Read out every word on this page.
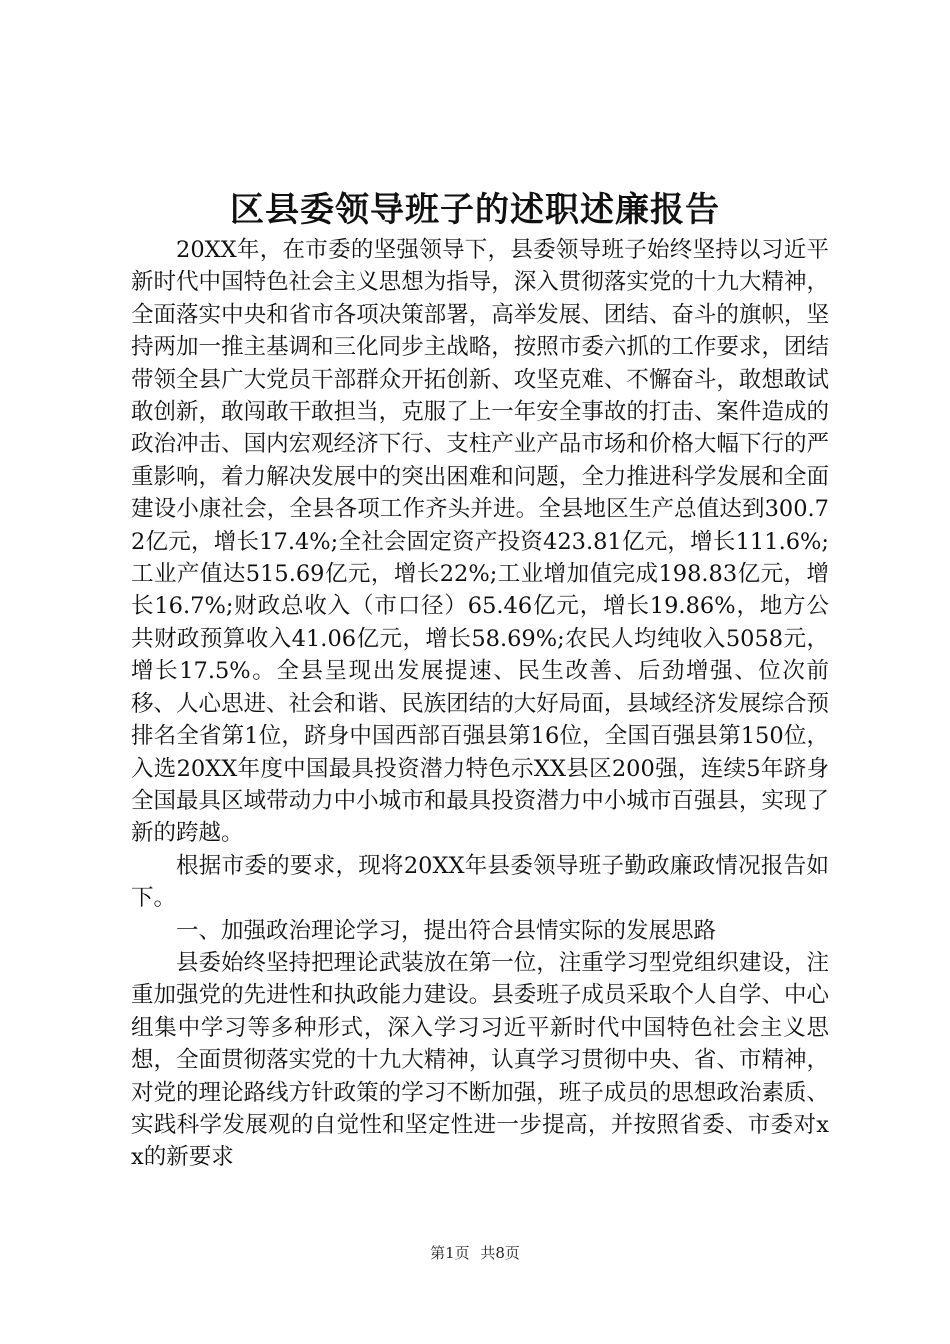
区县委领导班子的述职述廉报告

20XX年，在市委的坚强领导下，县委领导班子始终坚持以习近平新时代中国特色社会主义思想为指导，深入贯彻落实党的十九大精神，全面落实中央和省市各项决策部署，高举发展、团结、奋斗的旗帜，坚持两加一推主基调和三化同步主战略，按照市委六抓的工作要求，团结带领全县广大党员干部群众开拓创新、攻坚克难、不懈奋斗，敢想敢试敢创新，敢闯敢干敢担当，克服了上一年安全事故的打击、案件造成的政治冲击、国内宏观经济下行、支柱产业产品市场和价格大幅下行的严重影响，着力解决发展中的突出困难和问题，全力推进科学发展和全面建设小康社会，全县各项工作齐头并进。全县地区生产总值达到300.72亿元，增长17.4%;全社会固定资产投资423.81亿元，增长111.6%;工业产值达515.69亿元，增长22%;工业增加值完成198.83亿元，增长16.7%;财政总收入（市口径）65.46亿元，增长19.86%，地方公共财政预算收入41.06亿元，增长58.69%;农民人均纯收入5058元，增长17.5%。全县呈现出发展提速、民生改善、后劲增强、位次前移、人心思进、社会和谐、民族团结的大好局面，县域经济发展综合预排名全省第1位，跻身中国西部百强县第16位，全国百强县第150位，入选20XX年度中国最具投资潜力特色示XX县区200强，连续5年跻身全国最具区域带动力中小城市和最具投资潜力中小城市百强县，实现了新的跨越。

根据市委的要求，现将20XX年县委领导班子勤政廉政情况报告如下。

一、加强政治理论学习，提出符合县情实际的发展思路

县委始终坚持把理论武装放在第一位，注重学习型党组织建设，注重加强党的先进性和执政能力建设。县委班子成员采取个人自学、中心组集中学习等多种形式，深入学习习近平新时代中国特色社会主义思想，全面贯彻落实党的十九大精神，认真学习贯彻中央、省、市精神，对党的理论路线方针政策的学习不断加强，班子成员的思想政治素质、实践科学发展观的自觉性和坚定性进一步提高，并按照省委、市委对xx的新要求

第1页 共8页
